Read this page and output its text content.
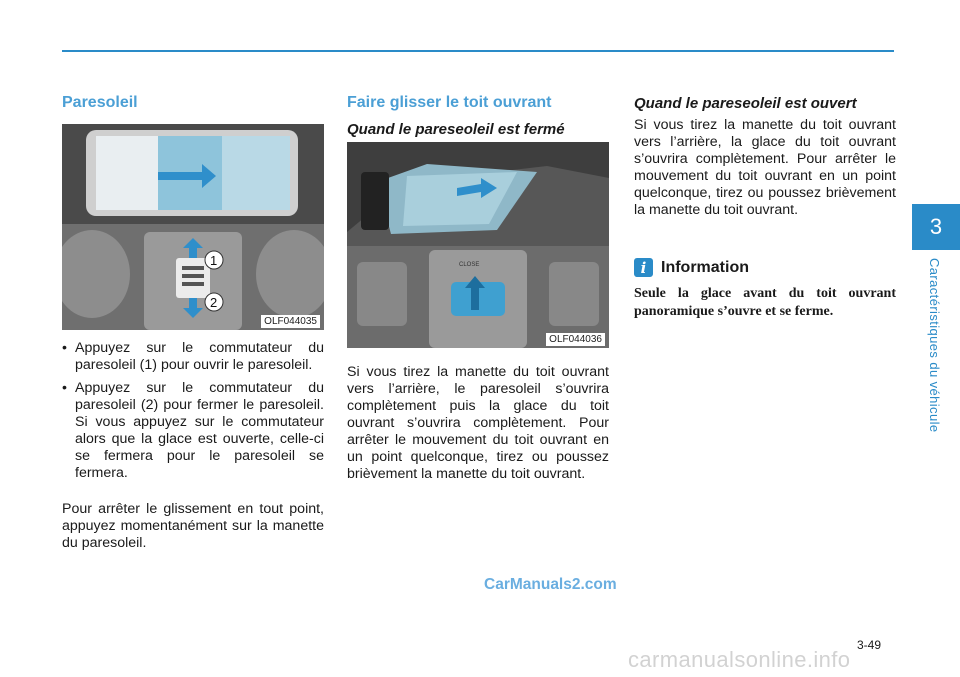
3
Caractéristiques du véhicule
Paresoleil
1
2
OLF044035
• Appuyez sur le commutateur du paresoleil (1) pour ouvrir le paresoleil.
• Appuyez sur le commutateur du paresoleil (2) pour fermer le paresoleil. Si vous appuyez sur le commutateur alors que la glace est ouverte, celle-ci se fermera pour le paresoleil se fermera.

Pour arrêter le glissement en tout point, appuyez momentanément sur la manette du paresoleil.

Faire glisser le toit ouvrant

Quand le pareseoleil est fermé

CLOSE
OLF044036

Si vous tirez la manette du toit ouvrant vers l’arrière, le paresoleil s’ouvrira complètement puis la glace du toit ouvrant s’ouvrira complètement. Pour arrêter le mouvement du toit ouvrant en un point quelconque, tirez ou poussez brièvement la manette du toit ouvrant.

Quand le pareseoleil est ouvert

Si vous tirez la manette du toit ouvrant vers l’arrière, la glace du toit ouvrant s’ouvrira complètement. Pour arrêter le mouvement du toit ouvrant en un point quelconque, tirez ou poussez brièvement la manette du toit ouvrant.

i Information

Seule la glace avant du toit ouvrant panoramique s’ouvre et se ferme.

CarManuals2.com
3-49
carmanualsonline.info
